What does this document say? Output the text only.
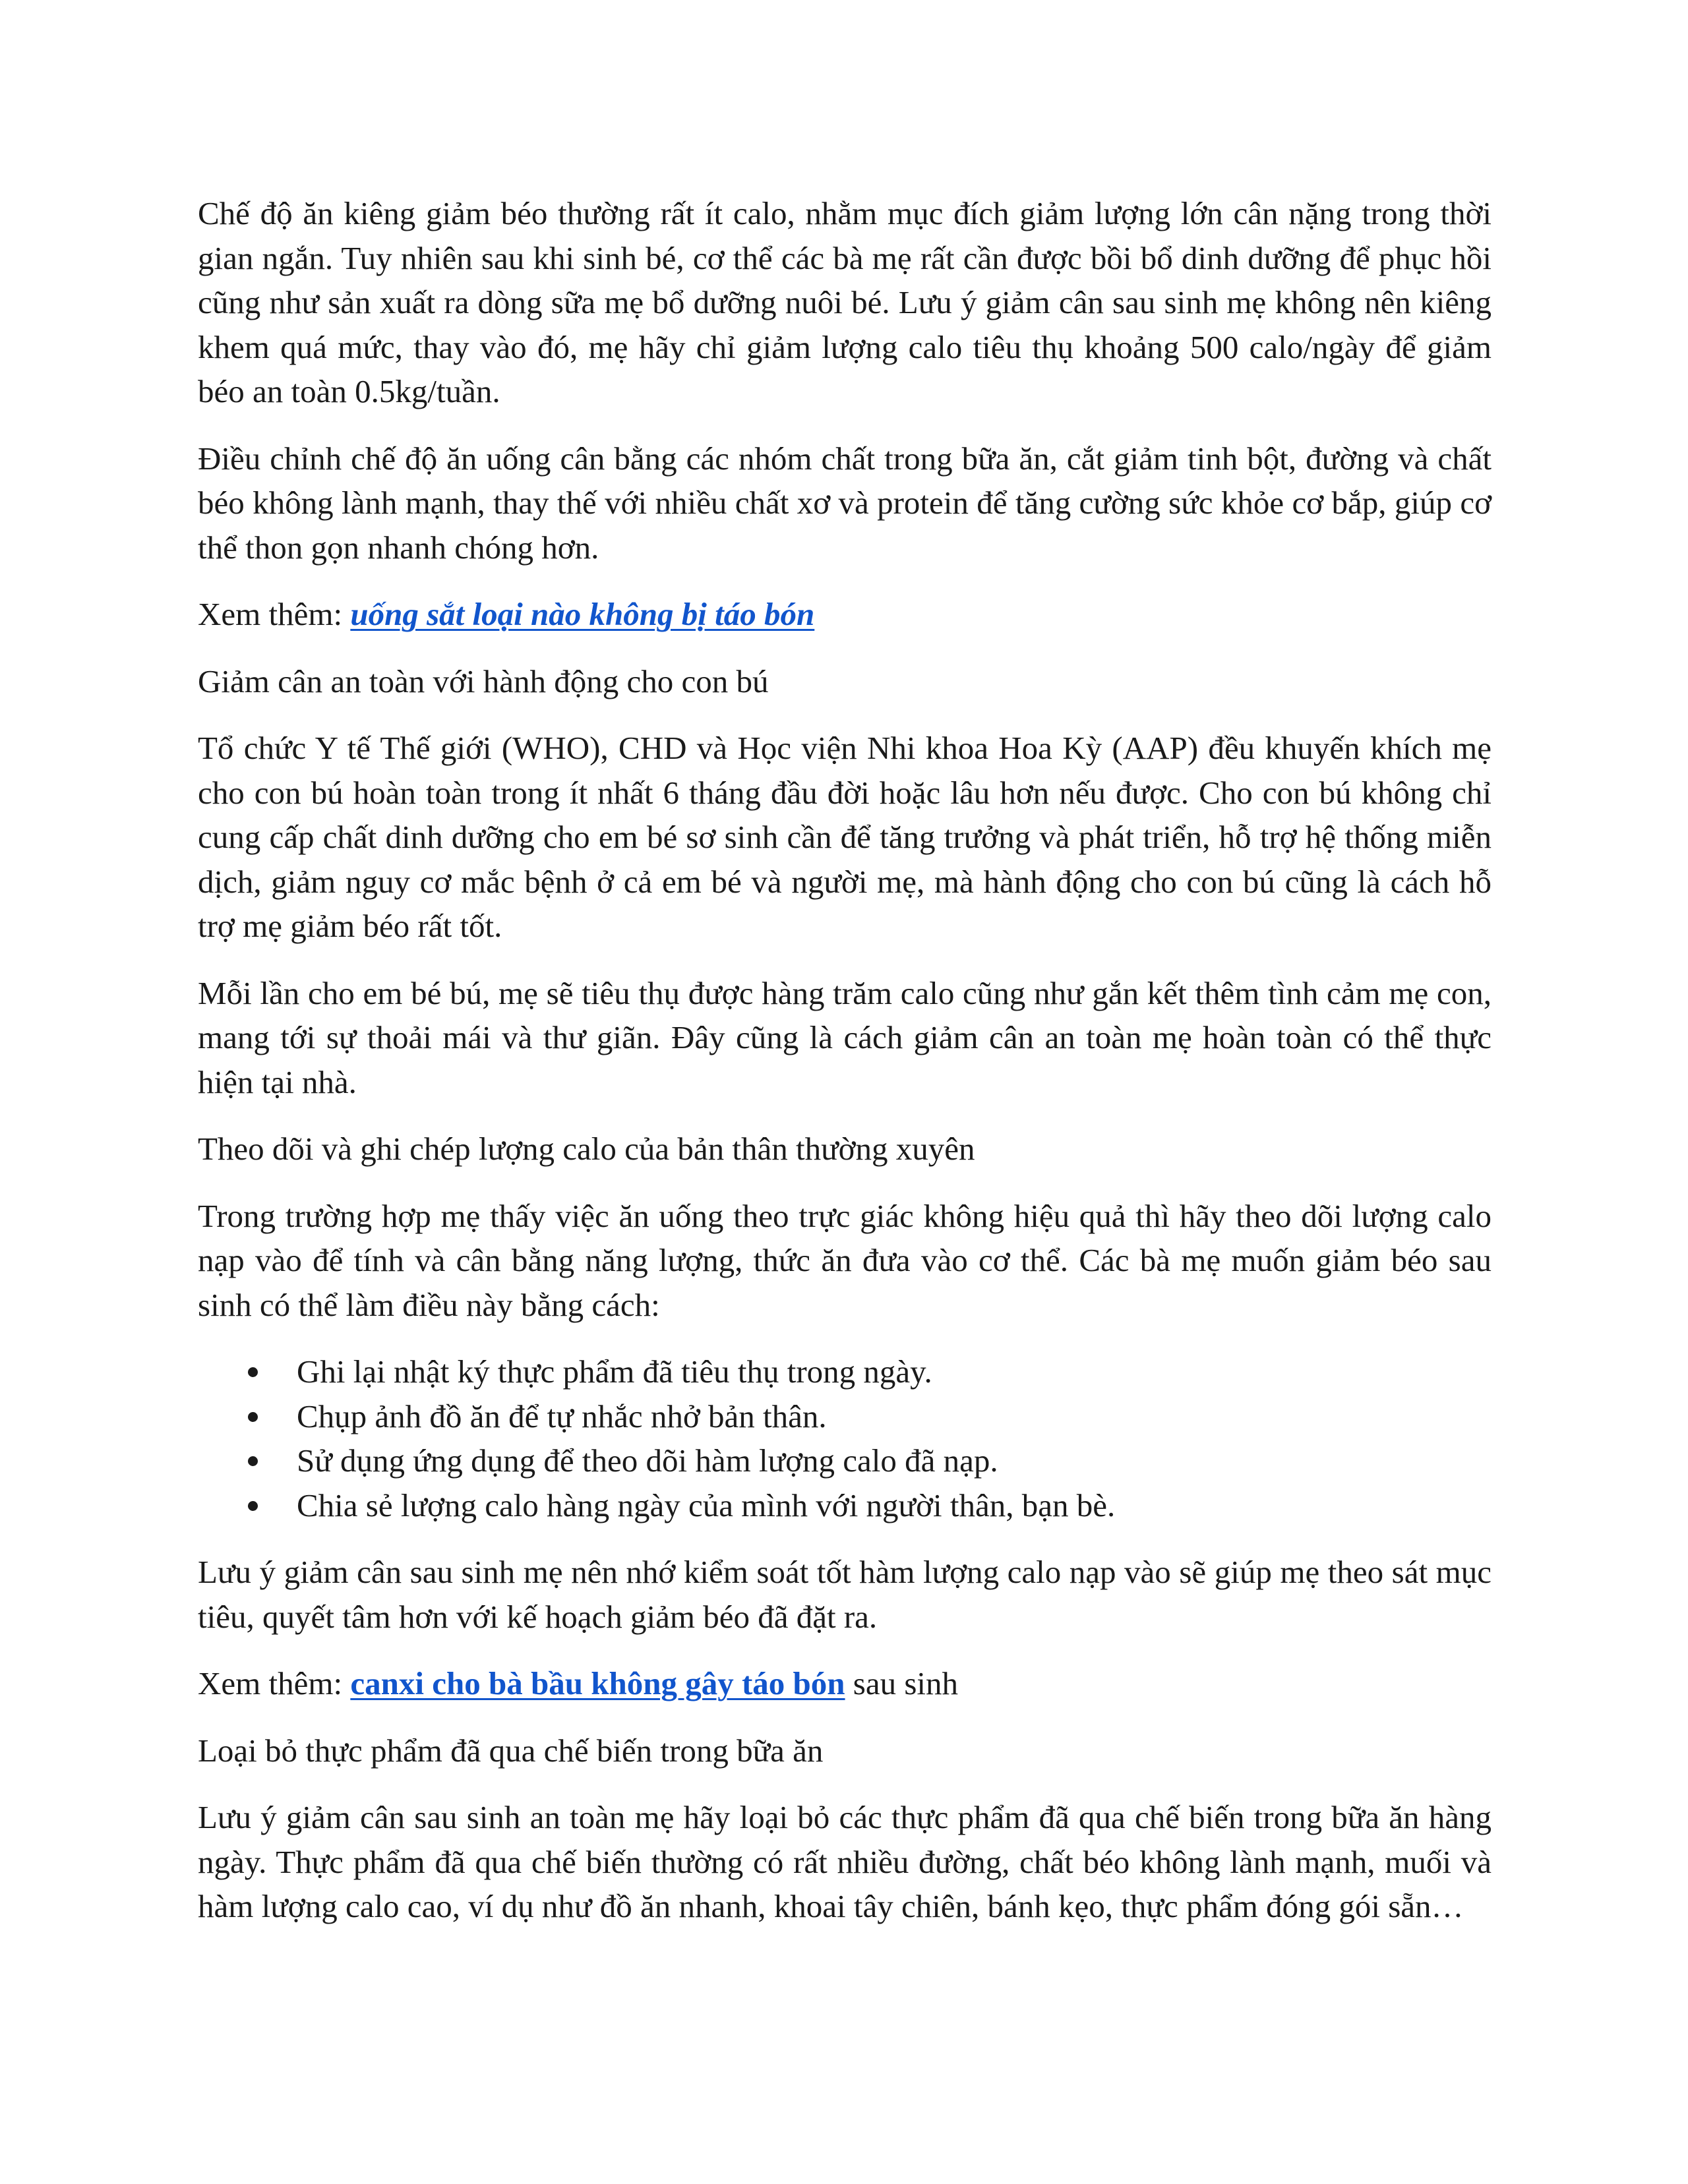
Chế độ ăn kiêng giảm béo thường rất ít calo, nhằm mục đích giảm lượng lớn cân nặng trong thời gian ngắn. Tuy nhiên sau khi sinh bé, cơ thể các bà mẹ rất cần được bồi bổ dinh dưỡng để phục hồi cũng như sản xuất ra dòng sữa mẹ bổ dưỡng nuôi bé. Lưu ý giảm cân sau sinh mẹ không nên kiêng khem quá mức, thay vào đó, mẹ hãy chỉ giảm lượng calo tiêu thụ khoảng 500 calo/ngày để giảm béo an toàn 0.5kg/tuần.

Điều chỉnh chế độ ăn uống cân bằng các nhóm chất trong bữa ăn, cắt giảm tinh bột, đường và chất béo không lành mạnh, thay thế với nhiều chất xơ và protein để tăng cường sức khỏe cơ bắp, giúp cơ thể thon gọn nhanh chóng hơn.

Xem thêm: uống sắt loại nào không bị táo bón

Giảm cân an toàn với hành động cho con bú

Tổ chức Y tế Thế giới (WHO), CHD và Học viện Nhi khoa Hoa Kỳ (AAP) đều khuyến khích mẹ cho con bú hoàn toàn trong ít nhất 6 tháng đầu đời hoặc lâu hơn nếu được. Cho con bú không chỉ cung cấp chất dinh dưỡng cho em bé sơ sinh cần để tăng trưởng và phát triển, hỗ trợ hệ thống miễn dịch, giảm nguy cơ mắc bệnh ở cả em bé và người mẹ, mà hành động cho con bú cũng là cách hỗ trợ mẹ giảm béo rất tốt.

Mỗi lần cho em bé bú, mẹ sẽ tiêu thụ được hàng trăm calo cũng như gắn kết thêm tình cảm mẹ con, mang tới sự thoải mái và thư giãn. Đây cũng là cách giảm cân an toàn mẹ hoàn toàn có thể thực hiện tại nhà.

Theo dõi và ghi chép lượng calo của bản thân thường xuyên

Trong trường hợp mẹ thấy việc ăn uống theo trực giác không hiệu quả thì hãy theo dõi lượng calo nạp vào để tính và cân bằng năng lượng, thức ăn đưa vào cơ thể. Các bà mẹ muốn giảm béo sau sinh có thể làm điều này bằng cách:

Ghi lại nhật ký thực phẩm đã tiêu thụ trong ngày.
Chụp ảnh đồ ăn để tự nhắc nhở bản thân.
Sử dụng ứng dụng để theo dõi hàm lượng calo đã nạp.
Chia sẻ lượng calo hàng ngày của mình với người thân, bạn bè.

Lưu ý giảm cân sau sinh mẹ nên nhớ kiểm soát tốt hàm lượng calo nạp vào sẽ giúp mẹ theo sát mục tiêu, quyết tâm hơn với kế hoạch giảm béo đã đặt ra.

Xem thêm: canxi cho bà bầu không gây táo bón sau sinh

Loại bỏ thực phẩm đã qua chế biến trong bữa ăn

Lưu ý giảm cân sau sinh an toàn mẹ hãy loại bỏ các thực phẩm đã qua chế biến trong bữa ăn hàng ngày. Thực phẩm đã qua chế biến thường có rất nhiều đường, chất béo không lành mạnh, muối và hàm lượng calo cao, ví dụ như đồ ăn nhanh, khoai tây chiên, bánh kẹo, thực phẩm đóng gói sẵn…
